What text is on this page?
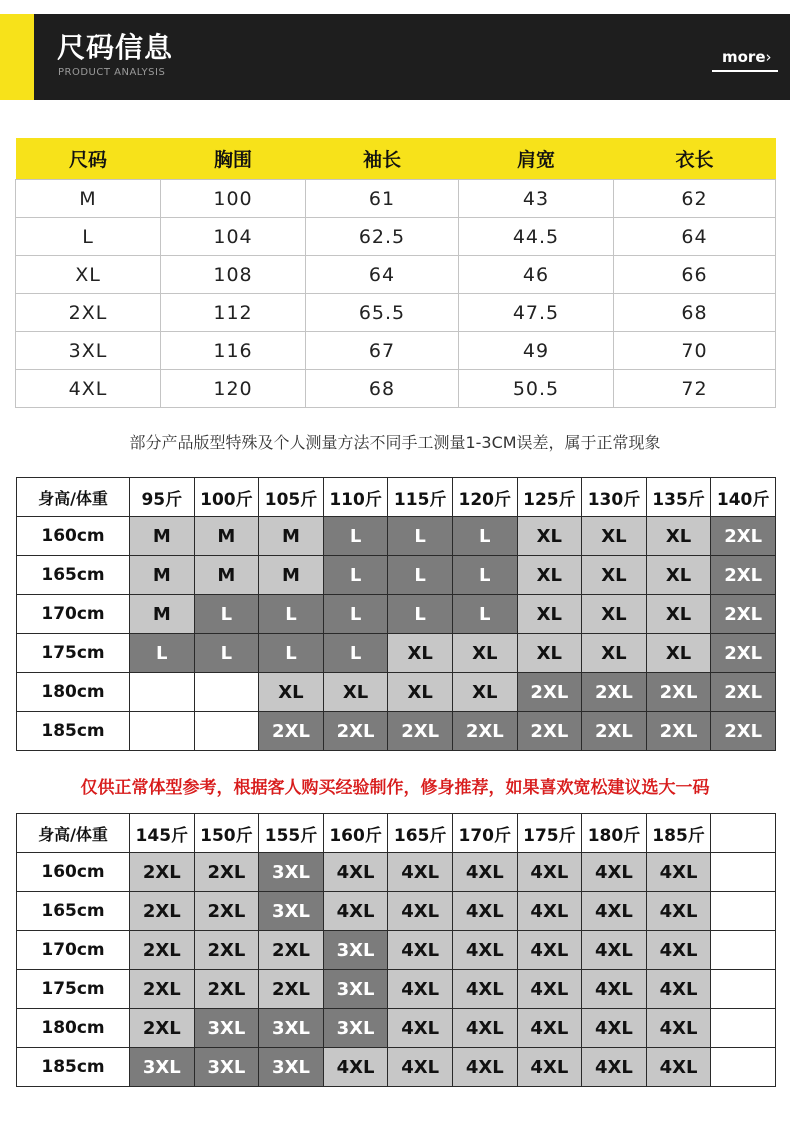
尺码信息
PRODUCT ANALYSIS
more›
尺码	胸围	袖长	肩宽	衣长
M	100	61	43	62
L	104	62.5	44.5	64
XL	108	64	46	66
2XL	112	65.5	47.5	68
3XL	116	67	49	70
4XL	120	68	50.5	72
部分产品版型特殊及个人测量方法不同手工测量1-3CM误差，属于正常现象
身高/体重	95斤	100斤	105斤	110斤	115斤	120斤	125斤	130斤	135斤	140斤
160cm	M	M	M	L	L	L	XL	XL	XL	2XL
165cm	M	M	M	L	L	L	XL	XL	XL	2XL
170cm	M	L	L	L	L	L	XL	XL	XL	2XL
175cm	L	L	L	L	XL	XL	XL	XL	XL	2XL
180cm			XL	XL	XL	XL	2XL	2XL	2XL	2XL
185cm			2XL	2XL	2XL	2XL	2XL	2XL	2XL	2XL
仅供正常体型参考，根据客人购买经验制作，修身推荐，如果喜欢宽松建议选大一码
身高/体重	145斤	150斤	155斤	160斤	165斤	170斤	175斤	180斤	185斤	
160cm	2XL	2XL	3XL	4XL	4XL	4XL	4XL	4XL	4XL	
165cm	2XL	2XL	3XL	4XL	4XL	4XL	4XL	4XL	4XL	
170cm	2XL	2XL	2XL	3XL	4XL	4XL	4XL	4XL	4XL	
175cm	2XL	2XL	2XL	3XL	4XL	4XL	4XL	4XL	4XL	
180cm	2XL	3XL	3XL	3XL	4XL	4XL	4XL	4XL	4XL	
185cm	3XL	3XL	3XL	4XL	4XL	4XL	4XL	4XL	4XL	
